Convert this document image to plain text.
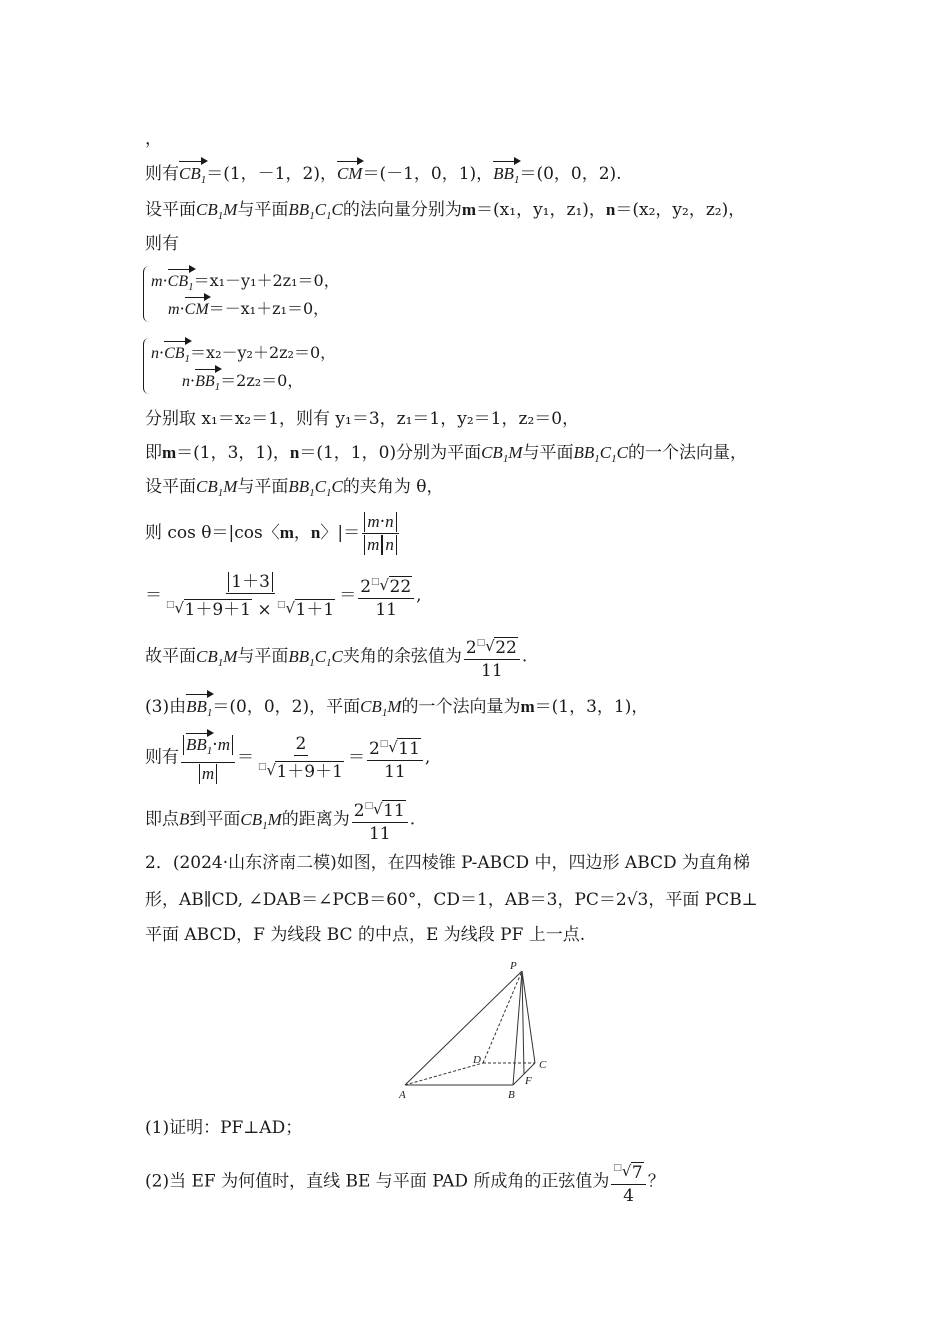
，
则有$CB_1=(1$，－1，2)，CM＝(－1，0，1)，$BB_1=(0$，0，2).
设平面$CB_1M$与平面$BB_1C_1C$的法向量分别为m＝(x₁，y₁，z₁)，n＝(x₂，y₂，z₂)，
则有
$m\cdot CB_1=x_1-y_1+2z_1=0$，
m·CM＝－x₁＋z₁＝0，
$n\cdot CB_1=x_2-y_2+2z_2=0$，
$n\cdot BB_1=2z_2=0$，
分别取 x₁＝x₂＝1，则有 y₁＝3，z₁＝1，y₂＝1，z₂＝0，
即m＝(1，3，1)，n＝(1，1，0)分别为平面$CB_1M$与平面$BB_1C_1C$的一个法向量，
设平面$CB_1M$与平面$BB_1C_1C$的夹角为 θ，
则 cos θ＝|cos〈m，n〉|＝ $\frac{m\cdot n}{\text{m n}}$
＝ $\frac{1+3}{^□ √ 1+9+1 \times ^□ √ 1+1} = \frac{2^□ √ 22}{11}$ ,
故平面$CB_1M$与平面$BB_1C_1C$夹角的余弦值为 $\frac{2^□ √ 22}{11}$ .
(3)由$BB_1=(0$，0，2)，平面$CB_1M$的一个法向量为m＝(1，3，1)，
则有 $\frac{BB_1\cdot m}{m} = \frac{2}{^□ √ 1+9+1} = \frac{2^□ √ 11}{11}$ ,
即点B到平面$CB_1M$的距离为 $\frac{2^□ √ 11}{11}$ .
2．(2024·山东济南二模)如图，在四棱锥 P-ABCD 中，四边形 ABCD 为直角梯
形，AB∥CD, ∠DAB＝∠PCB＝60°，CD＝1，AB＝3，PC＝2√3，平面 PCB⊥
平面 ABCD，F 为线段 BC 的中点，E 为线段 PF 上一点.
P
A	B
C
D
F
(1)证明：PF⊥AD；
(2)当 EF 为何值时，直线 BE 与平面 PAD 所成角的正弦值为 $\frac{^□ √ 7}{4}$ ？
